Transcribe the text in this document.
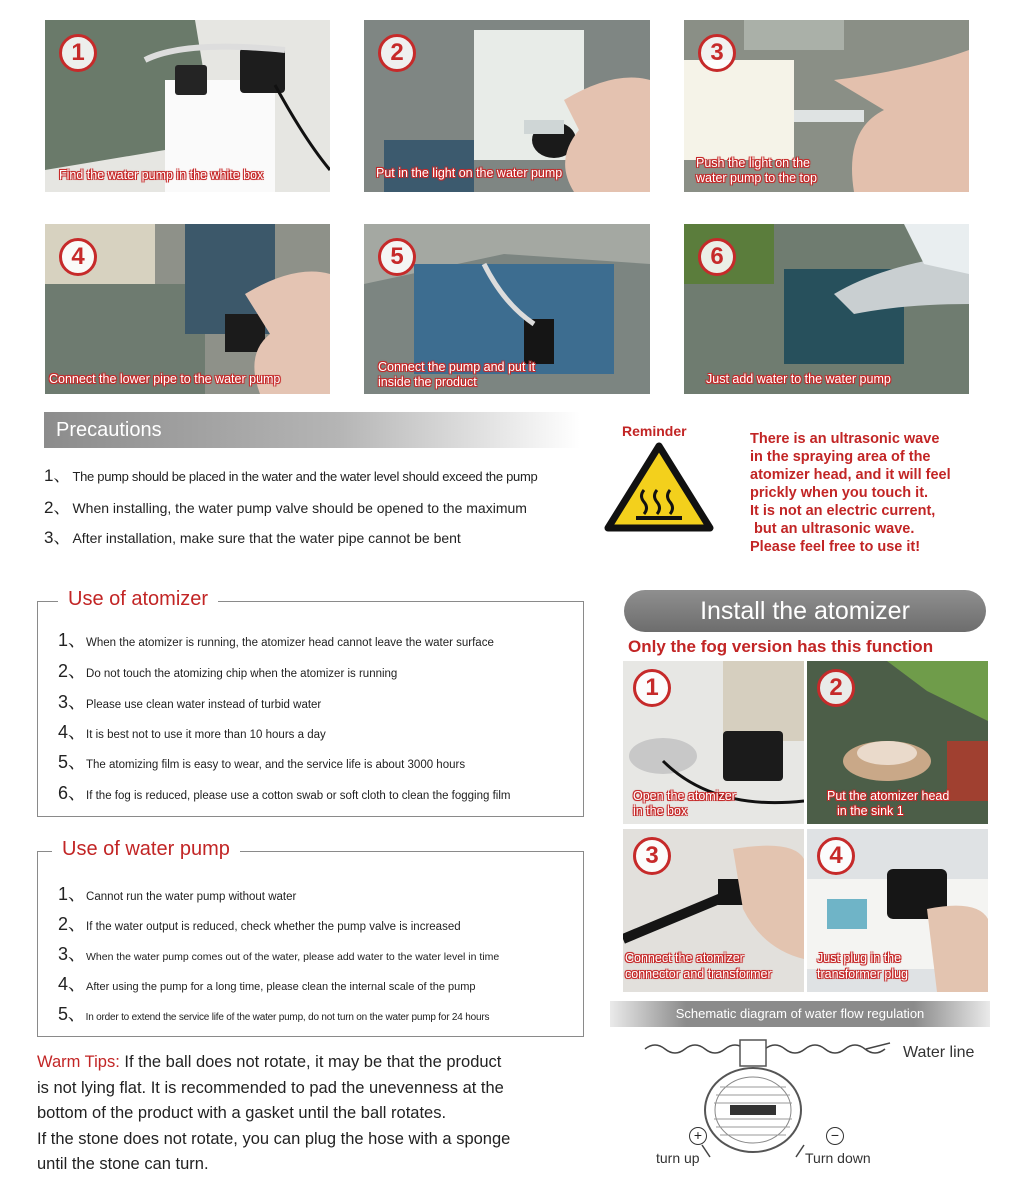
1
Find the water pump in the white box
2
Put in the light on the water pump
3
Push the light on the
water pump to the top
4
Connect the lower pipe to the water pump
5
Connect the pump and put it
inside the product
6
Just add water to the water pump
Precautions
1、 The pump should be placed in the water and the water level should exceed the pump
2、 When installing, the water pump valve should be opened to the maximum
3、 After installation, make sure that the water pipe cannot be bent
Reminder	There is an ultrasonic wave
in the spraying area of the
atomizer head, and it will feel
prickly when you touch it.
It is not an electric current,
but an ultrasonic wave.
Please feel free to use it!
Use of atomizer
1、When the atomizer is running, the atomizer head cannot leave the water surface
2、Do not touch the atomizing chip when the atomizer is running
3、Please use clean water instead of turbid water
4、It is best not to use it more than 10 hours a day
5、The atomizing film is easy to wear, and the service life is about 3000 hours
6、If the fog is reduced, please use a cotton swab or soft cloth to clean the fogging film
Use of water pump
1、Cannot run the water pump without water
2、If the water output is reduced, check whether the pump valve is increased
3、When the water pump comes out of the water, please add water to the water level in time
4、After using the pump for a long time, please clean the internal scale of the pump
5、In order to extend the service life of the water pump, do not turn on the water pump for 24 hours
Install the atomizer
Only the fog version has this function
1
Open the atomizer
in the box
2
Put the atomizer head
in the sink 1
3
Connect the atomizer
connector and transformer
4
Just plug in the
transformer plug
Schematic diagram of water flow regulation
Water line
+	−
turn up	Turn down
Warm Tips: If the ball does not rotate, it may be that the product
is not lying flat. It is recommended to pad the unevenness at the
bottom of the product with a gasket until the ball rotates.
If the stone does not rotate, you can plug the hose with a sponge
until the stone can turn.
